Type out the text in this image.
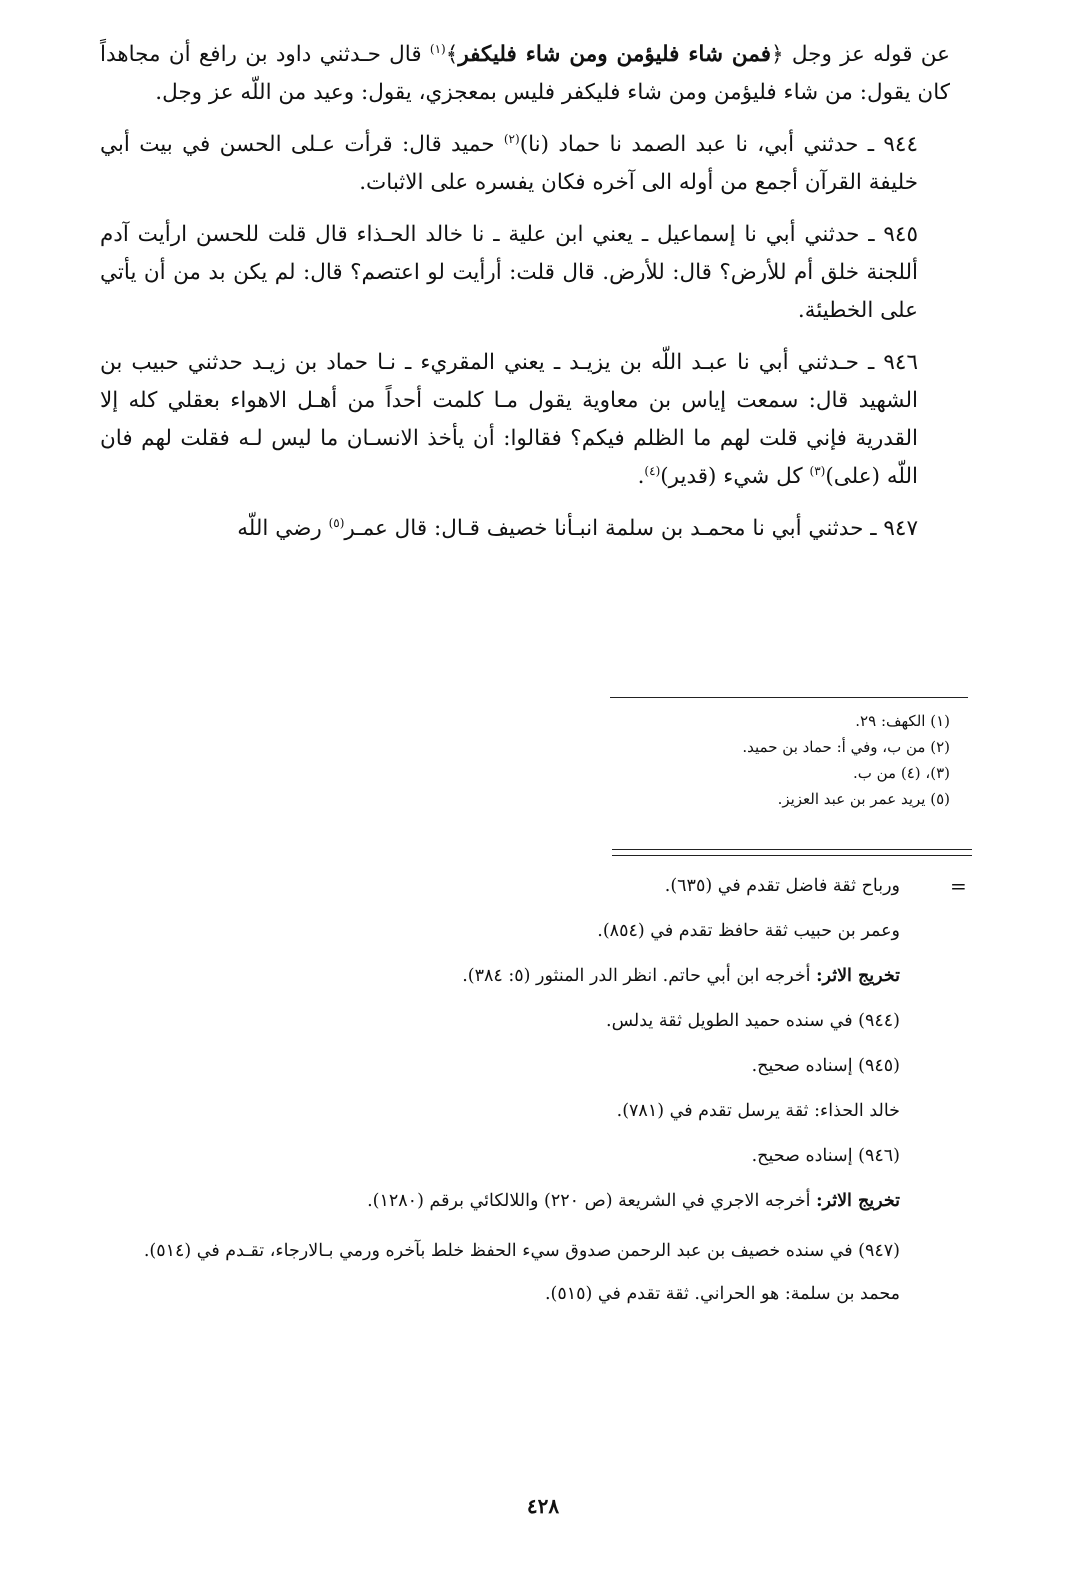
عن قوله عز وجل ﴿فمن شاء فليؤمن ومن شاء فليكفر﴾$^{(١)}$ قال حـدثني داود بن رافع أن مجاهداً كان يقول: من شاء فليؤمن ومن شاء فليكفر فليس بمعجزي، يقول: وعيد من اللّه عز وجل.

٩٤٤ ـ حدثني أبي، نا عبد الصمد نا حماد (نا)$^{(٢)}$ حميد قال: قرأت عـلى الحسن في بيت أبي خليفة القرآن أجمع من أوله الى آخره فكان يفسره على الاثبات.

٩٤٥ ـ حدثني أبي نا إسماعيل ـ يعني ابن علية ـ نا خالد الحـذاء قال قلت للحسن ارأيت آدم أللجنة خلق أم للأرض؟ قال: للأرض. قال قلت: أرأيت لو اعتصم؟ قال: لم يكن بد من أن يأتي على الخطيئة.

٩٤٦ ـ حـدثني أبي نا عبـد اللّه بن يزيـد ـ يعني المقريء ـ نـا حماد بن زيـد حدثني حبيب بن الشهيد قال: سمعت إياس بن معاوية يقول مـا كلمت أحداً من أهـل الاهواء بعقلي كله إلا القدرية فإني قلت لهم ما الظلم فيكم؟ فقالوا: أن يأخذ الانسـان ما ليس لـه فقلت لهم فان اللّه (على)$^{(٣)}$ كل شيء (قدير)$^{(٤)}$.

٩٤٧ ـ حدثني أبي نا محمـد بن سلمة انبـأنا خصيف قـال: قال عمـر$^{(٥)}$ رضي اللّه

(١) الكهف: ٢٩.
(٢) من ب، وفي أ: حماد بن حميد.
(٣)، (٤) من ب.
(٥) يريد عمر بن عبد العزيز.
=
ورباح ثقة فاضل تقدم في (٦٣٥).
وعمر بن حبيب ثقة حافظ تقدم في (٨٥٤).
تخريج الاثر: أخرجه ابن أبي حاتم. انظر الدر المنثور (٥: ٣٨٤).
(٩٤٤) في سنده حميد الطويل ثقة يدلس.
(٩٤٥) إسناده صحيح.
خالد الحذاء: ثقة يرسل تقدم في (٧٨١).
(٩٤٦) إسناده صحيح.
تخريج الاثر: أخرجه الاجري في الشريعة (ص ٢٢٠) واللالكائي برقم (١٢٨٠).
(٩٤٧) في سنده خصيف بن عبد الرحمن صدوق سيء الحفظ خلط بآخره ورمي بـالارجاء، تقـدم في (٥١٤).
محمد بن سلمة: هو الحراني. ثقة تقدم في (٥١٥).
٤٢٨
